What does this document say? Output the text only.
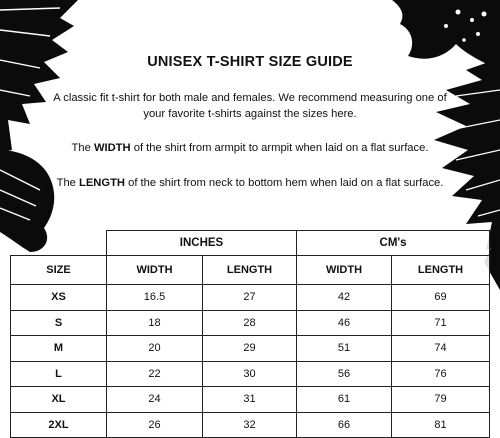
UNISEX T-SHIRT SIZE GUIDE
A classic fit t-shirt for both male and females. We recommend measuring one of
your favorite t-shirts against the sizes here.
The WIDTH of the shirt from armpit to armpit when laid on a flat surface.
The LENGTH of the shirt from neck to bottom hem when laid on a flat surface.
	INCHES		CM's	
SIZE	WIDTH	LENGTH	WIDTH	LENGTH
XS	16.5	27	42	69
S	18	28	46	71
M	20	29	51	74
L	22	30	56	76
XL	24	31	61	79
2XL	26	32	66	81
